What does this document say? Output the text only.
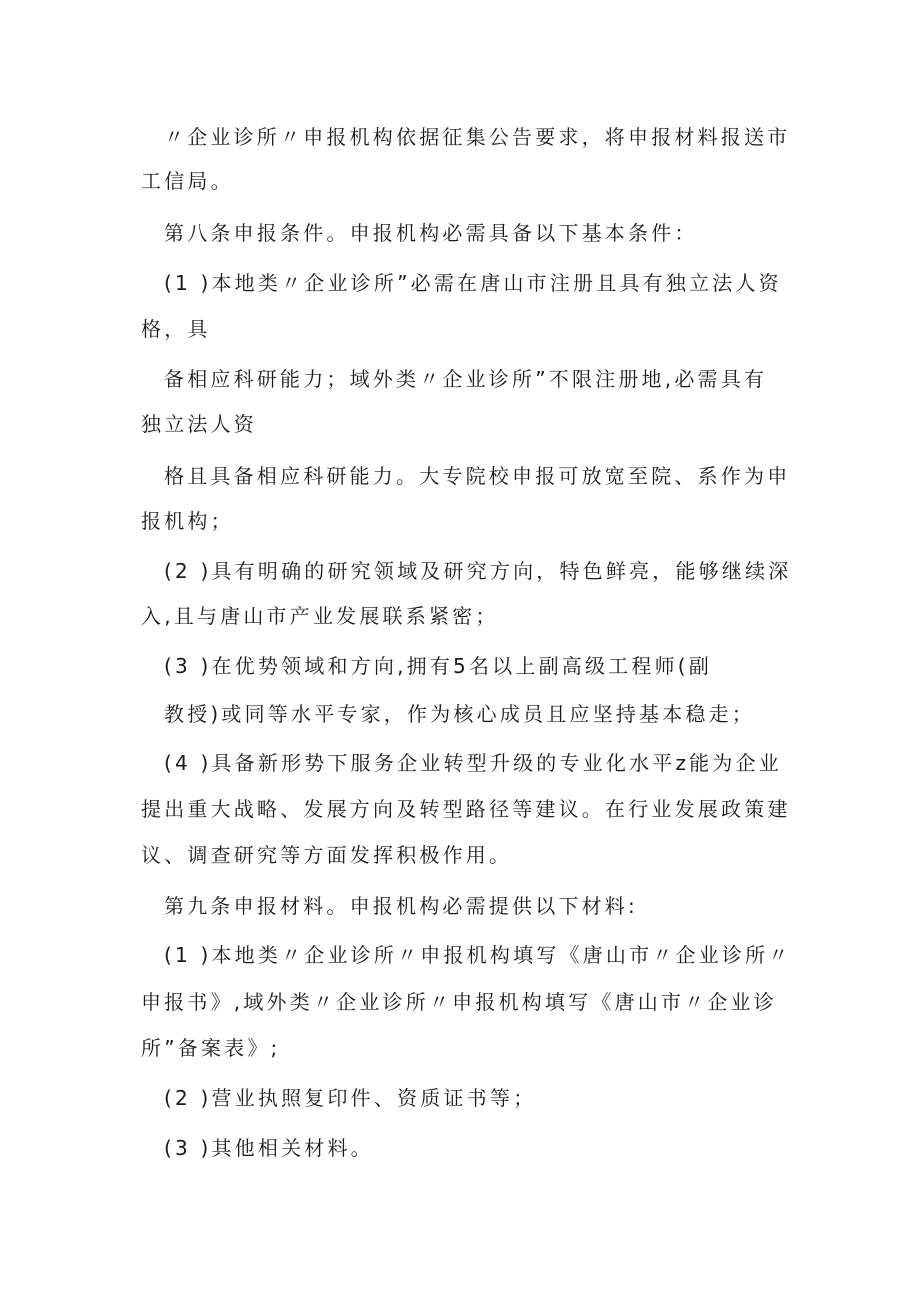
〃企业诊所〃申报机构依据征集公告要求，将申报材料报送市
工信局。
第八条申报条件。申报机构必需具备以下基本条件：
(1 )本地类〃企业诊所”必需在唐山市注册且具有独立法人资
格，具
备相应科研能力；域外类〃企业诊所”不限注册地,必需具有
独立法人资
格且具备相应科研能力。大专院校申报可放宽至院、系作为申
报机构；
(2 )具有明确的研究领域及研究方向，特色鲜亮，能够继续深
入,且与唐山市产业发展联系紧密；
(3 )在优势领域和方向,拥有5名以上副高级工程师(副
教授)或同等水平专家，作为核心成员且应坚持基本稳走；
(4 )具备新形势下服务企业转型升级的专业化水平z能为企业
提出重大战略、发展方向及转型路径等建议。在行业发展政策建
议、调查研究等方面发挥积极作用。
第九条申报材料。申报机构必需提供以下材料:
(1 )本地类〃企业诊所〃申报机构填写《唐山市〃企业诊所〃
申报书》,域外类〃企业诊所〃申报机构填写《唐山市〃企业诊
所”备案表》;
(2 )营业执照复印件、资质证书等；
(3 )其他相关材料。
